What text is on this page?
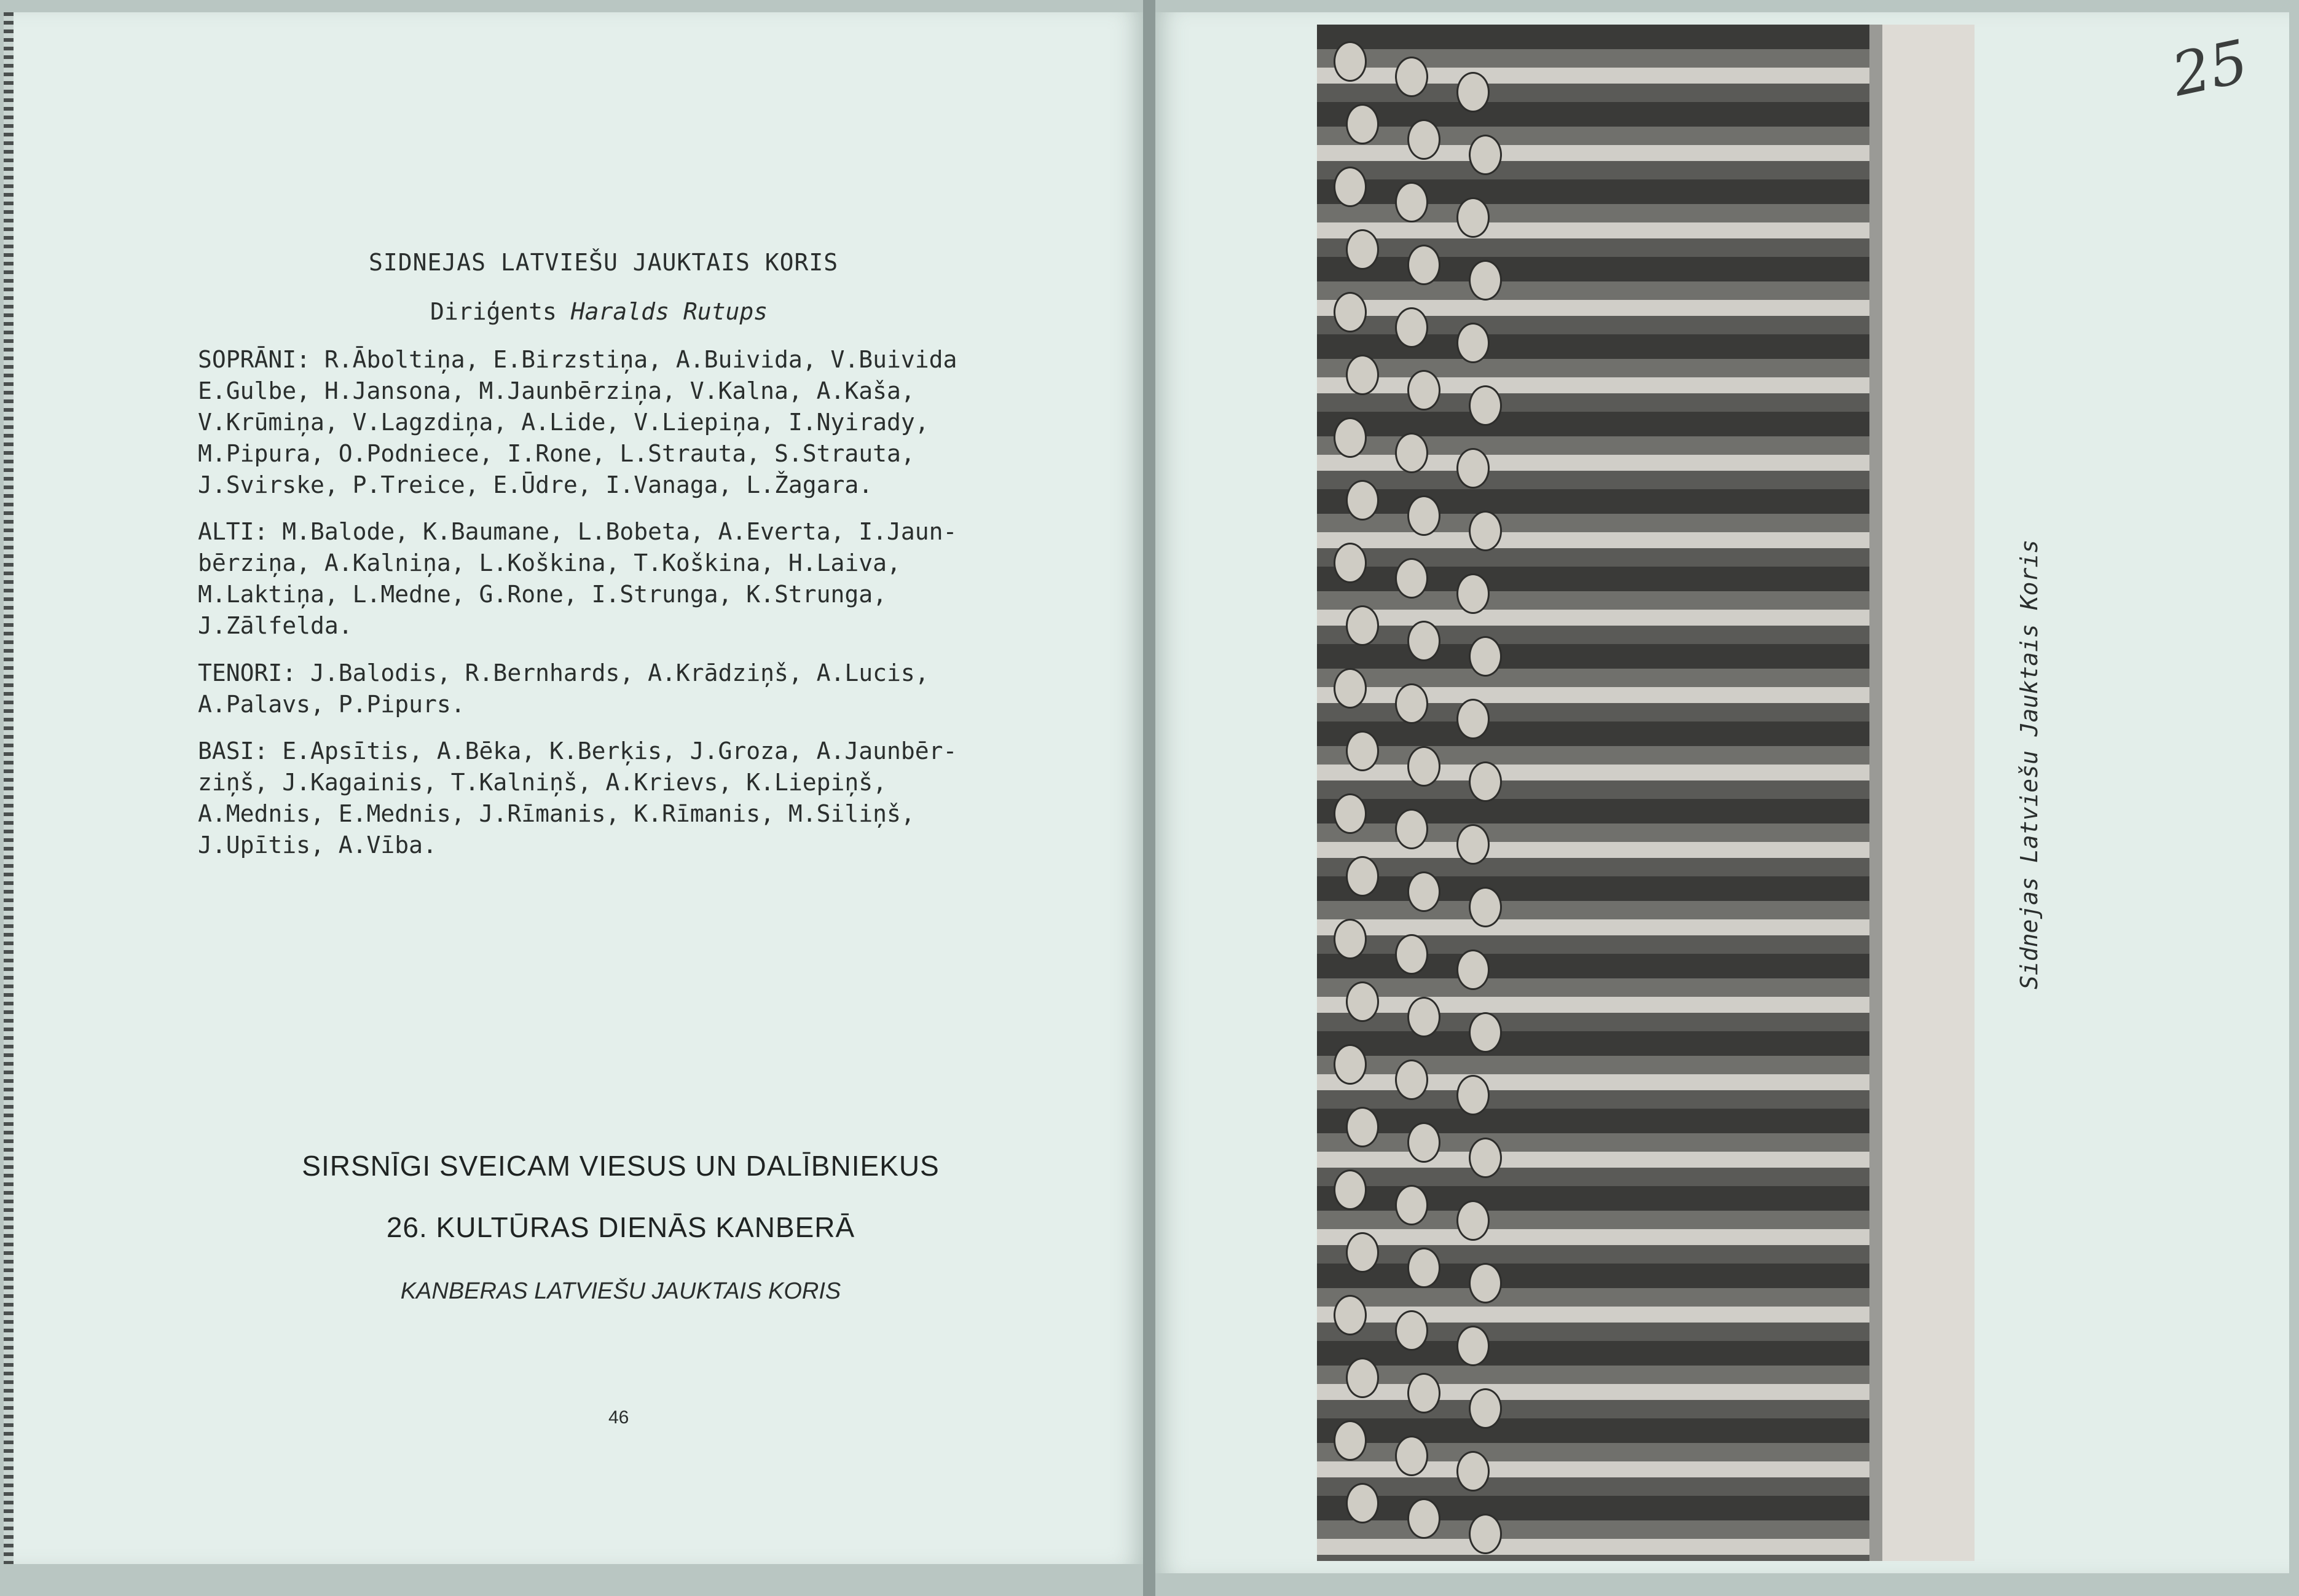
SIDNEJAS LATVIEŠU JAUKTAIS KORIS
Diriģents Haralds Rutups

SOPRĀNI: R.Āboltiņa, E.Birzstiņa, A.Buivida, V.Buivida
E.Gulbe, H.Jansona, M.Jaunbērziņa, V.Kalna, A.Kaša,
V.Krūmiņa, V.Lagzdiņa, A.Lide, V.Liepiņa, I.Nyirady,
M.Pipura, O.Podniece, I.Rone, L.Strauta, S.Strauta,
J.Svirske, P.Treice, E.Ūdre, I.Vanaga, L.Žagara.

ALTI: M.Balode, K.Baumane, L.Bobeta, A.Everta, I.Jaun-
bērziņa, A.Kalniņa, L.Koškina, T.Koškina, H.Laiva,
M.Laktiņa, L.Medne, G.Rone, I.Strunga, K.Strunga,
J.Zālfelda.

TENORI: J.Balodis, R.Bernhards, A.Krādziņš, A.Lucis,
A.Palavs, P.Pipurs.

BASI: E.Apsītis, A.Bēka, K.Berķis, J.Groza, A.Jaunbēr-
ziņš, J.Kagainis, T.Kalniņš, A.Krievs, K.Liepiņš,
A.Mednis, E.Mednis, J.Rīmanis, K.Rīmanis, M.Siliņš,
J.Upītis, A.Vība.

SIRSNĪGI SVEICAM VIESUS UN DALĪBNIEKUS
26. KULTŪRAS DIENĀS KANBERĀ
KANBERAS LATVIEŠU JAUKTAIS KORIS
46
Sidnejas Latviešu Jauktais Koris
25
